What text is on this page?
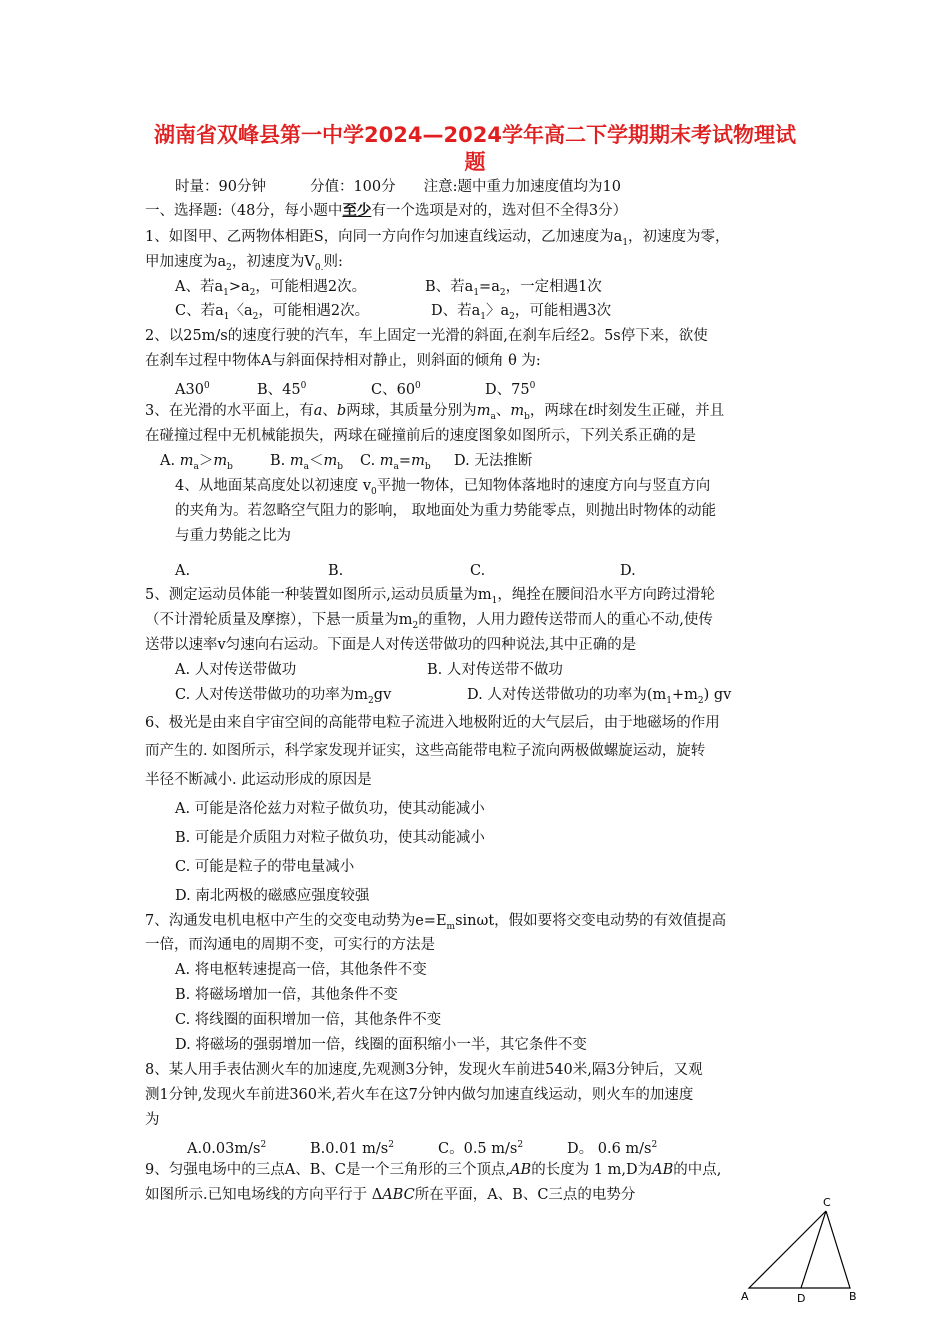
湖南省双峰县第一中学2024—2024学年高二下学期期末考试物理试
题
时量：90分钟	分值：100分 注意:题中重力加速度值均为10
一、选择题:（48分，每小题中至少有一个选项是对的，选对但不全得3分）
1、如图甲、乙两物体相距S，向同一方向作匀加速直线运动，乙加速度为$a_1$，初速度为零，
甲加速度为$a_2$，初速度为$V_{0.}$则:
A、若$a_1>a_2$，可能相遇2次。	B、若$a_1=a_2$，一定相遇1次
C、若$a_1$〈$a_2$，可能相遇2次。	D、若$a_1$〉$a_2$，可能相遇3次
2、以25m/s的速度行驶的汽车，车上固定一光滑的斜面,在刹车后经2。5s停下来，欲使
在刹车过程中物体A与斜面保持相对静止，则斜面的倾角 θ 为:
$A30^0$	B、$45^0$	C、$60^0$	D、$75^0$
3、在光滑的水平面上，有a、b两球，其质量分别为$m_a$、$m_b$，两球在t时刻发生正碰，并且
在碰撞过程中无机械能损失，两球在碰撞前后的速度图象如图所示，下列关系正确的是
A. $m_a>m_b$	B. $m_a<m_b$ C. $m_a=m_b$ D. 无法推断
4、从地面某高度处以初速度 $v_0$平抛一物体，已知物体落地时的速度方向与竖直方向
的夹角为。若忽略空气阻力的影响， 取地面处为重力势能零点，则抛出时物体的动能
与重力势能之比为
A.	B.	C.	D.
5、测定运动员体能一种装置如图所示,运动员质量为$m_1$，绳拴在腰间沿水平方向跨过滑轮
（不计滑轮质量及摩擦），下悬一质量为$m_2$的重物，人用力蹬传送带而人的重心不动,使传
送带以速率v匀速向右运动。下面是人对传送带做功的四种说法,其中正确的是
A. 人对传送带做功	B. 人对传送带不做功
C. 人对传送带做功的功率为$m_2gv$	D. 人对传送带做功的功率为$(m_1+m_2)$ gv
6、极光是由来自宇宙空间的高能带电粒子流进入地极附近的大气层后，由于地磁场的作用
而产生的. 如图所示，科学家发现并证实，这些高能带电粒子流向两极做螺旋运动，旋转
半径不断减小. 此运动形成的原因是
A. 可能是洛伦兹力对粒子做负功，使其动能减小
B. 可能是介质阻力对粒子做负功，使其动能减小
C. 可能是粒子的带电量减小
D. 南北两极的磁感应强度较强
7、沟通发电机电枢中产生的交变电动势为$e=E_m\sin\omega t$，假如要将交变电动势的有效值提高
一倍，而沟通电的周期不变，可实行的方法是
A. 将电枢转速提高一倍，其他条件不变
B. 将磁场增加一倍，其他条件不变
C. 将线圈的面积增加一倍，其他条件不变
D. 将磁场的强弱增加一倍，线圈的面积缩小一半，其它条件不变
8、某人用手表估测火车的加速度,先观测3分钟，发现火车前进540米,隔3分钟后，又观
测1分钟,发现火车前进360米,若火车在这7分钟内做匀加速直线运动，则火车的加速度
为
$A.0.03m/s^2$	B.0.01 $m/s^2$	C。0.5 $m/s^2$	D。 0.6 $m/s^2$
9、匀强电场中的三点A、B、C是一个三角形的三个顶点,AB的长度为 1 m,D为AB的中点,
如图所示.已知电场线的方向平行于 ΔABC所在平面，A、B、C三点的电势分	C
A	D	B
